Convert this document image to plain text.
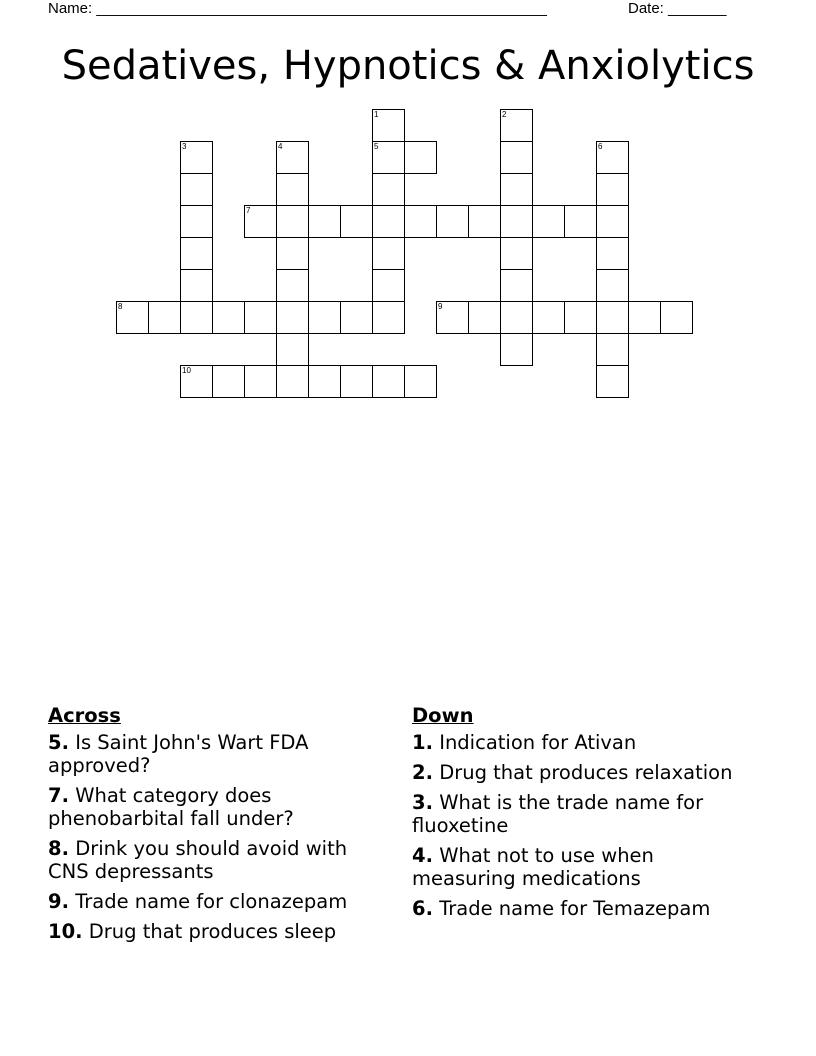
Name: ______________________________________________________	Date: _______
Sedatives, Hypnotics & Anxiolytics
5
7
8	9
10
1	2
3	4	6
Across
5. Is Saint John's Wart FDA approved?
7. What category does phenobarbital fall under?
8. Drink you should avoid with CNS depressants
9. Trade name for clonazepam
10. Drug that produces sleep
Down
1. Indication for Ativan
2. Drug that produces relaxation
3. What is the trade name for fluoxetine
4. What not to use when measuring medications
6. Trade name for Temazepam
